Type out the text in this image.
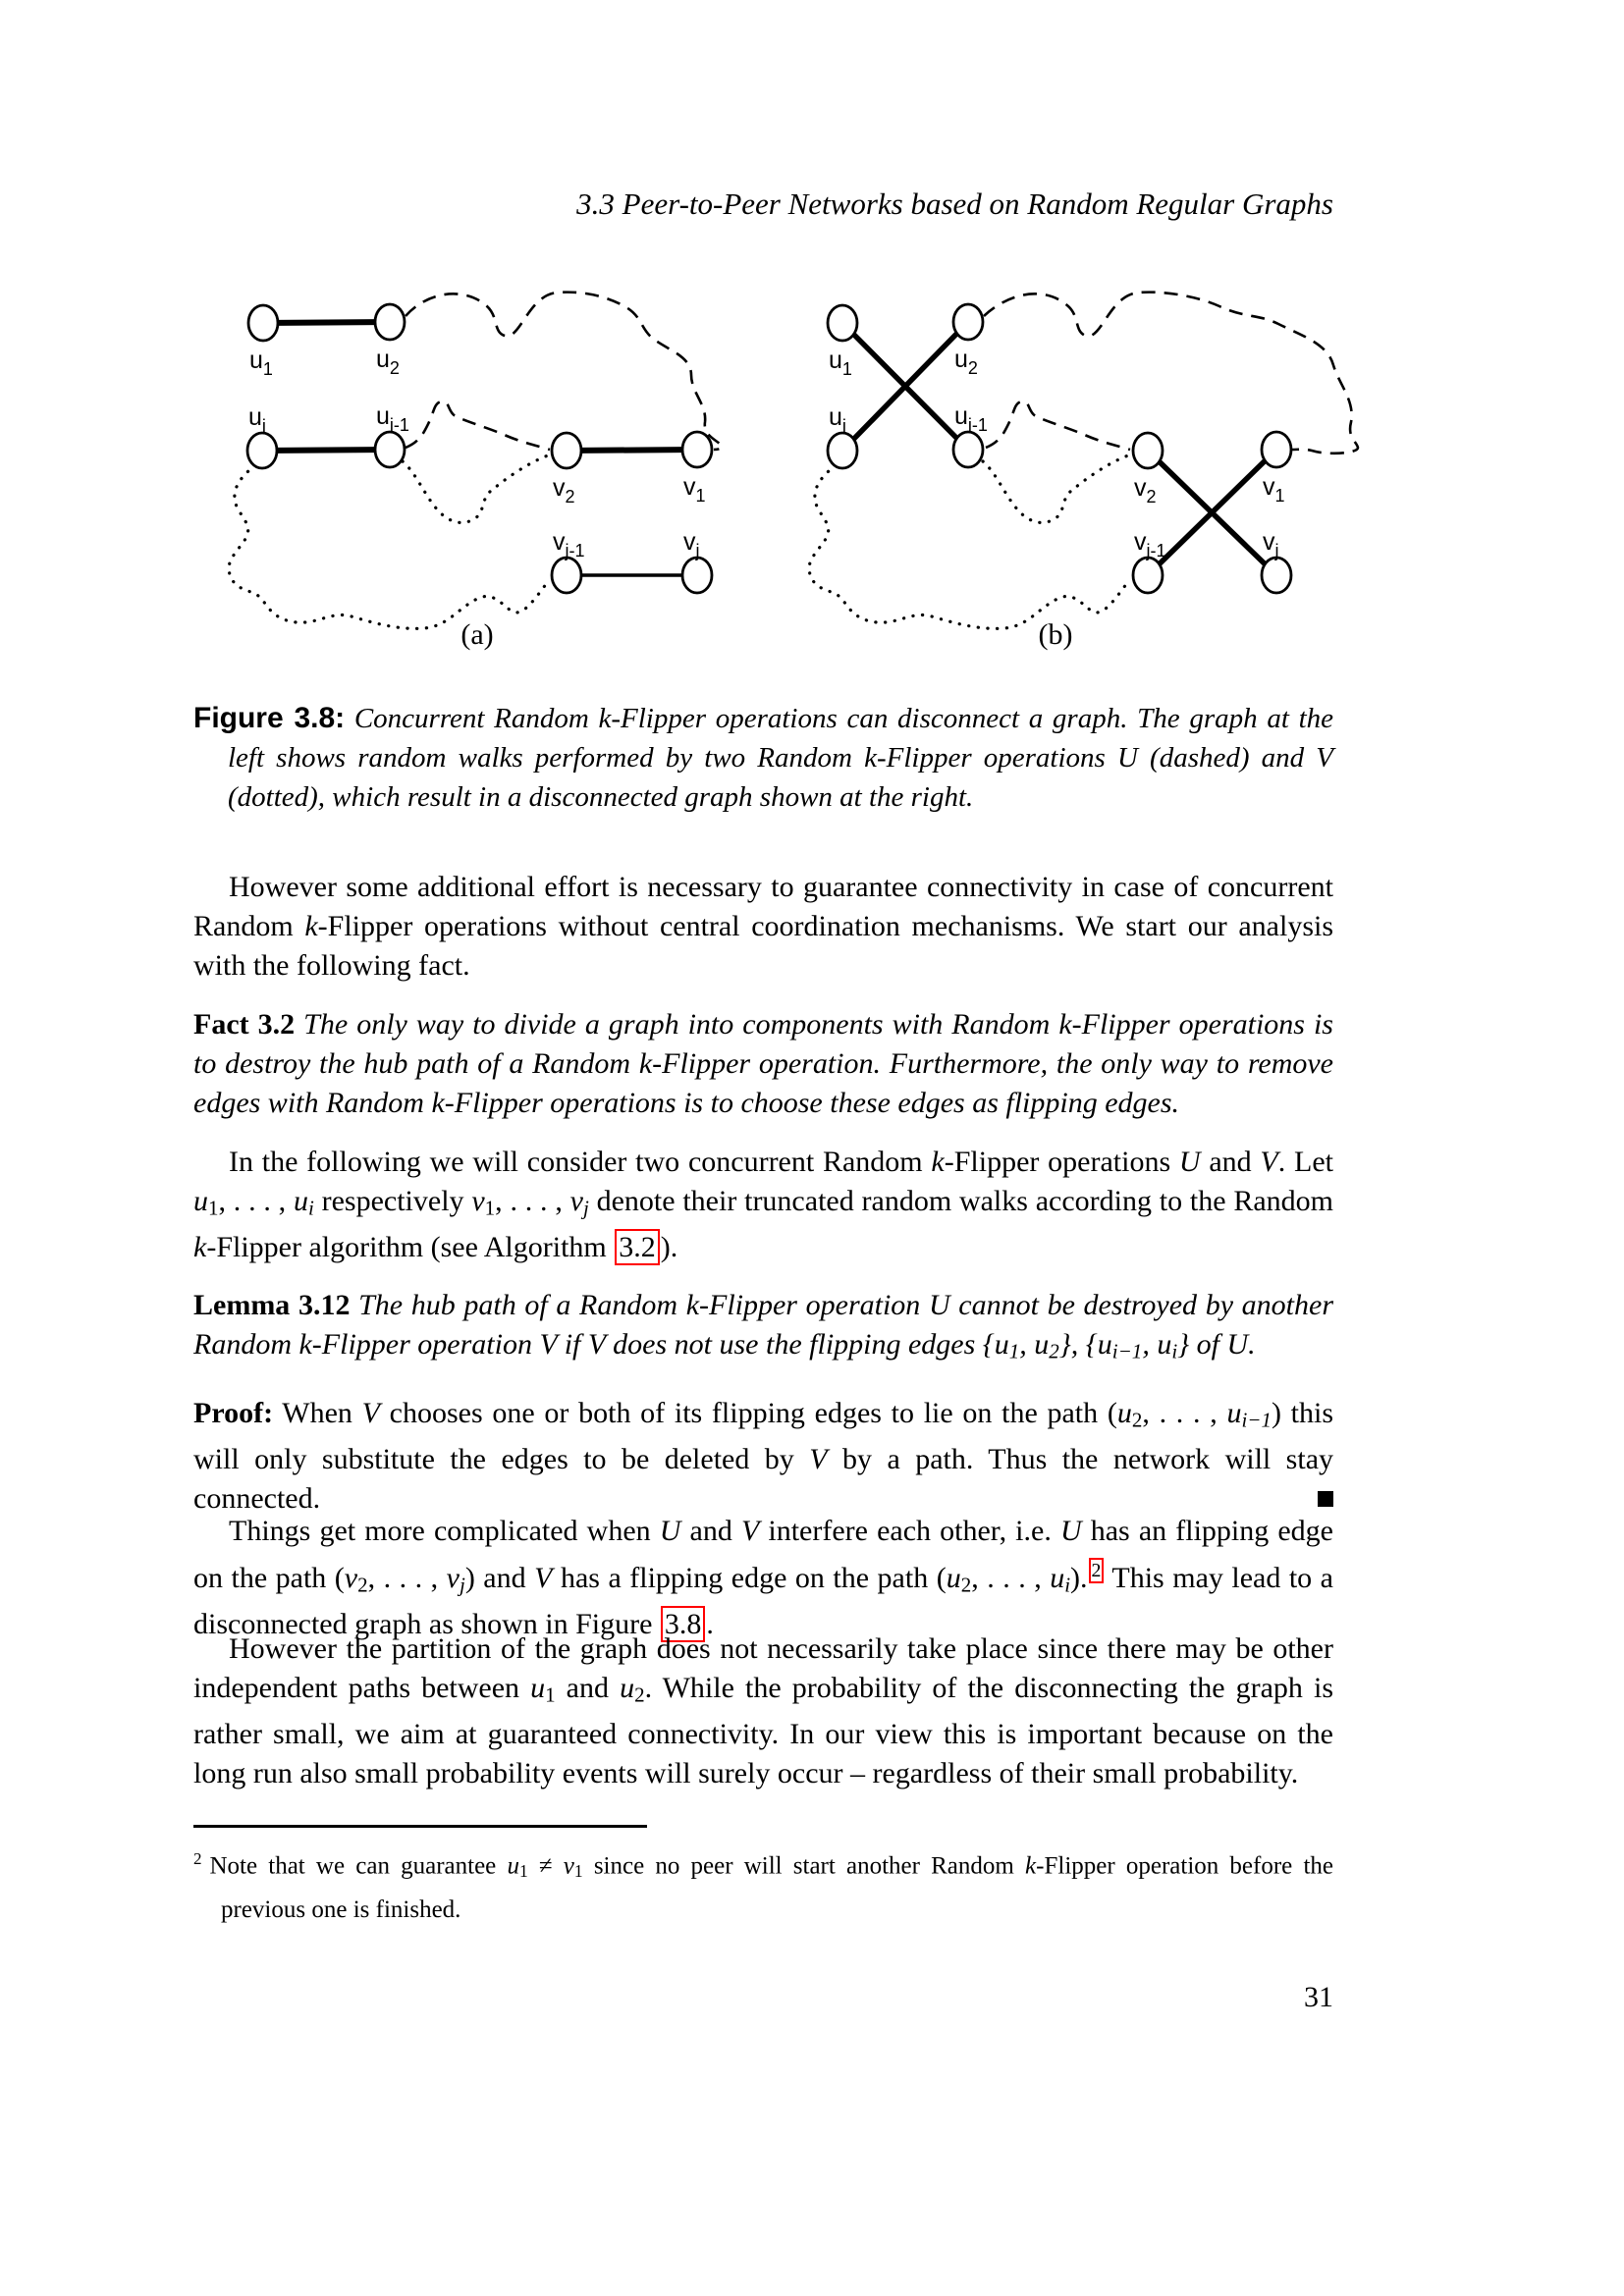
3.3 Peer-to-Peer Networks based on Random Regular Graphs
$u_1$	$u_2$
$u_i$	$u_{i-1}$
$v_2$	$v_1$
$v_{j-1}$	$v_j$
(a)
$u_1$	$u_2$
$u_i$	$u_{i-1}$
$v_2$	$v_1$
$v_{j-1}$	$v_j$
(b)
Figure 3.8: Concurrent Random k-Flipper operations can disconnect a graph. The graph at the left shows random walks performed by two Random k-Flipper operations U (dashed) and V (dotted), which result in a disconnected graph shown at the right.
However some additional effort is necessary to guarantee connectivity in case of concurrent Random k-Flipper operations without central coordination mechanisms. We start our analysis with the following fact.
Fact 3.2 The only way to divide a graph into components with Random k-Flipper operations is to destroy the hub path of a Random k-Flipper operation. Furthermore, the only way to remove edges with Random k-Flipper operations is to choose these edges as flipping edges.
In the following we will consider two concurrent Random k-Flipper operations U and V. Let u1, . . . , ui respectively v1, . . . , vj denote their truncated random walks according to the Random k-Flipper algorithm (see Algorithm 3.2 ).
Lemma 3.12 The hub path of a Random k-Flipper operation U cannot be destroyed by another Random k-Flipper operation V if V does not use the flipping edges {u1, u2}, {ui−1, ui} of U.
Proof: When V chooses one or both of its flipping edges to lie on the path (u2, . . . , ui−1) this will only substitute the edges to be deleted by V by a path. Thus the network will stay connected.
Things get more complicated when U and V interfere each other, i.e. U has an flipping edge on the path (v2, . . . , vj) and V has a flipping edge on the path (u2, . . . , ui). $^2$ This may lead to a disconnected graph as shown in Figure 3.8 .
However the partition of the graph does not necessarily take place since there may be other independent paths between u1 and u2. While the probability of the disconnecting the graph is rather small, we aim at guaranteed connectivity. In our view this is important because on the long run also small probability events will surely occur – regardless of their small probability.
$^2$ Note that we can guarantee u1 ≠ v1 since no peer will start another Random k-Flipper operation before the previous one is finished.
31
